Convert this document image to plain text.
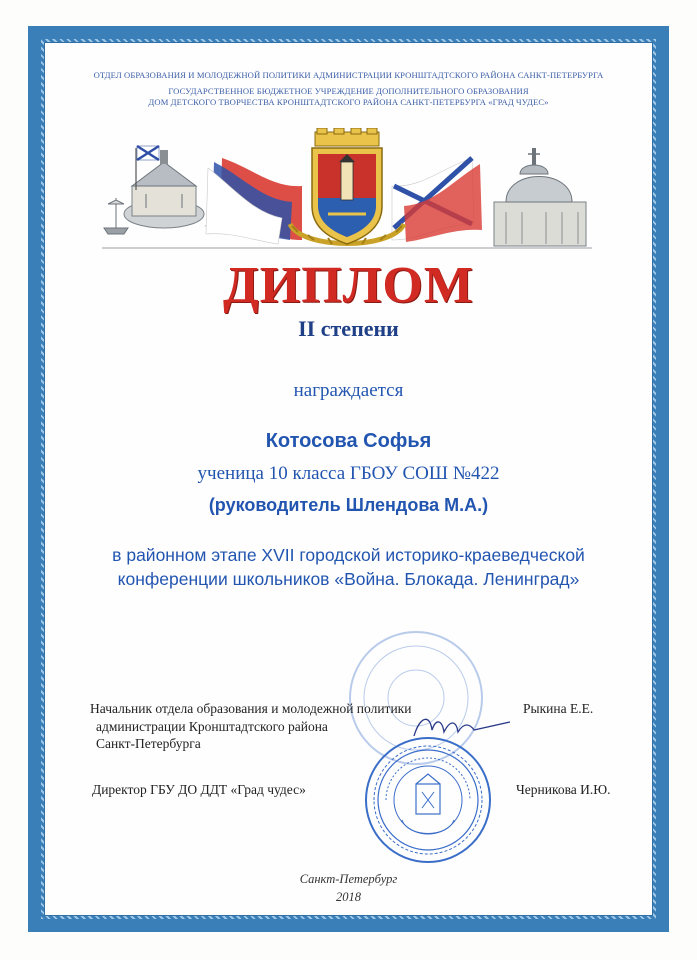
ОТДЕЛ ОБРАЗОВАНИЯ И МОЛОДЕЖНОЙ ПОЛИТИКИ АДМИНИСТРАЦИИ КРОНШТАДТСКОГО РАЙОНА САНКТ-ПЕТЕРБУРГА
ГОСУДАРСТВЕННОЕ БЮДЖЕТНОЕ УЧРЕЖДЕНИЕ ДОПОЛНИТЕЛЬНОГО ОБРАЗОВАНИЯ
ДОМ ДЕТСКОГО ТВОРЧЕСТВА КРОНШТАДТСКОГО РАЙОНА САНКТ-ПЕТЕРБУРГА «ГРАД ЧУДЕС»
ДИПЛОМ
II степени
награждается
Котосова Софья
ученица 10 класса ГБОУ СОШ №422
(руководитель Шлендова М.А.)
в районном этапе XVII городской историко-краеведческой
конференции школьников «Война. Блокада. Ленинград»
Начальник отдела образования и молодежной политики
администрации Кронштадтского района
Санкт-Петербурга
Рыкина Е.Е.
Директор ГБУ ДО ДДТ «Град чудес»	Черникова И.Ю.
Санкт-Петербург
2018
